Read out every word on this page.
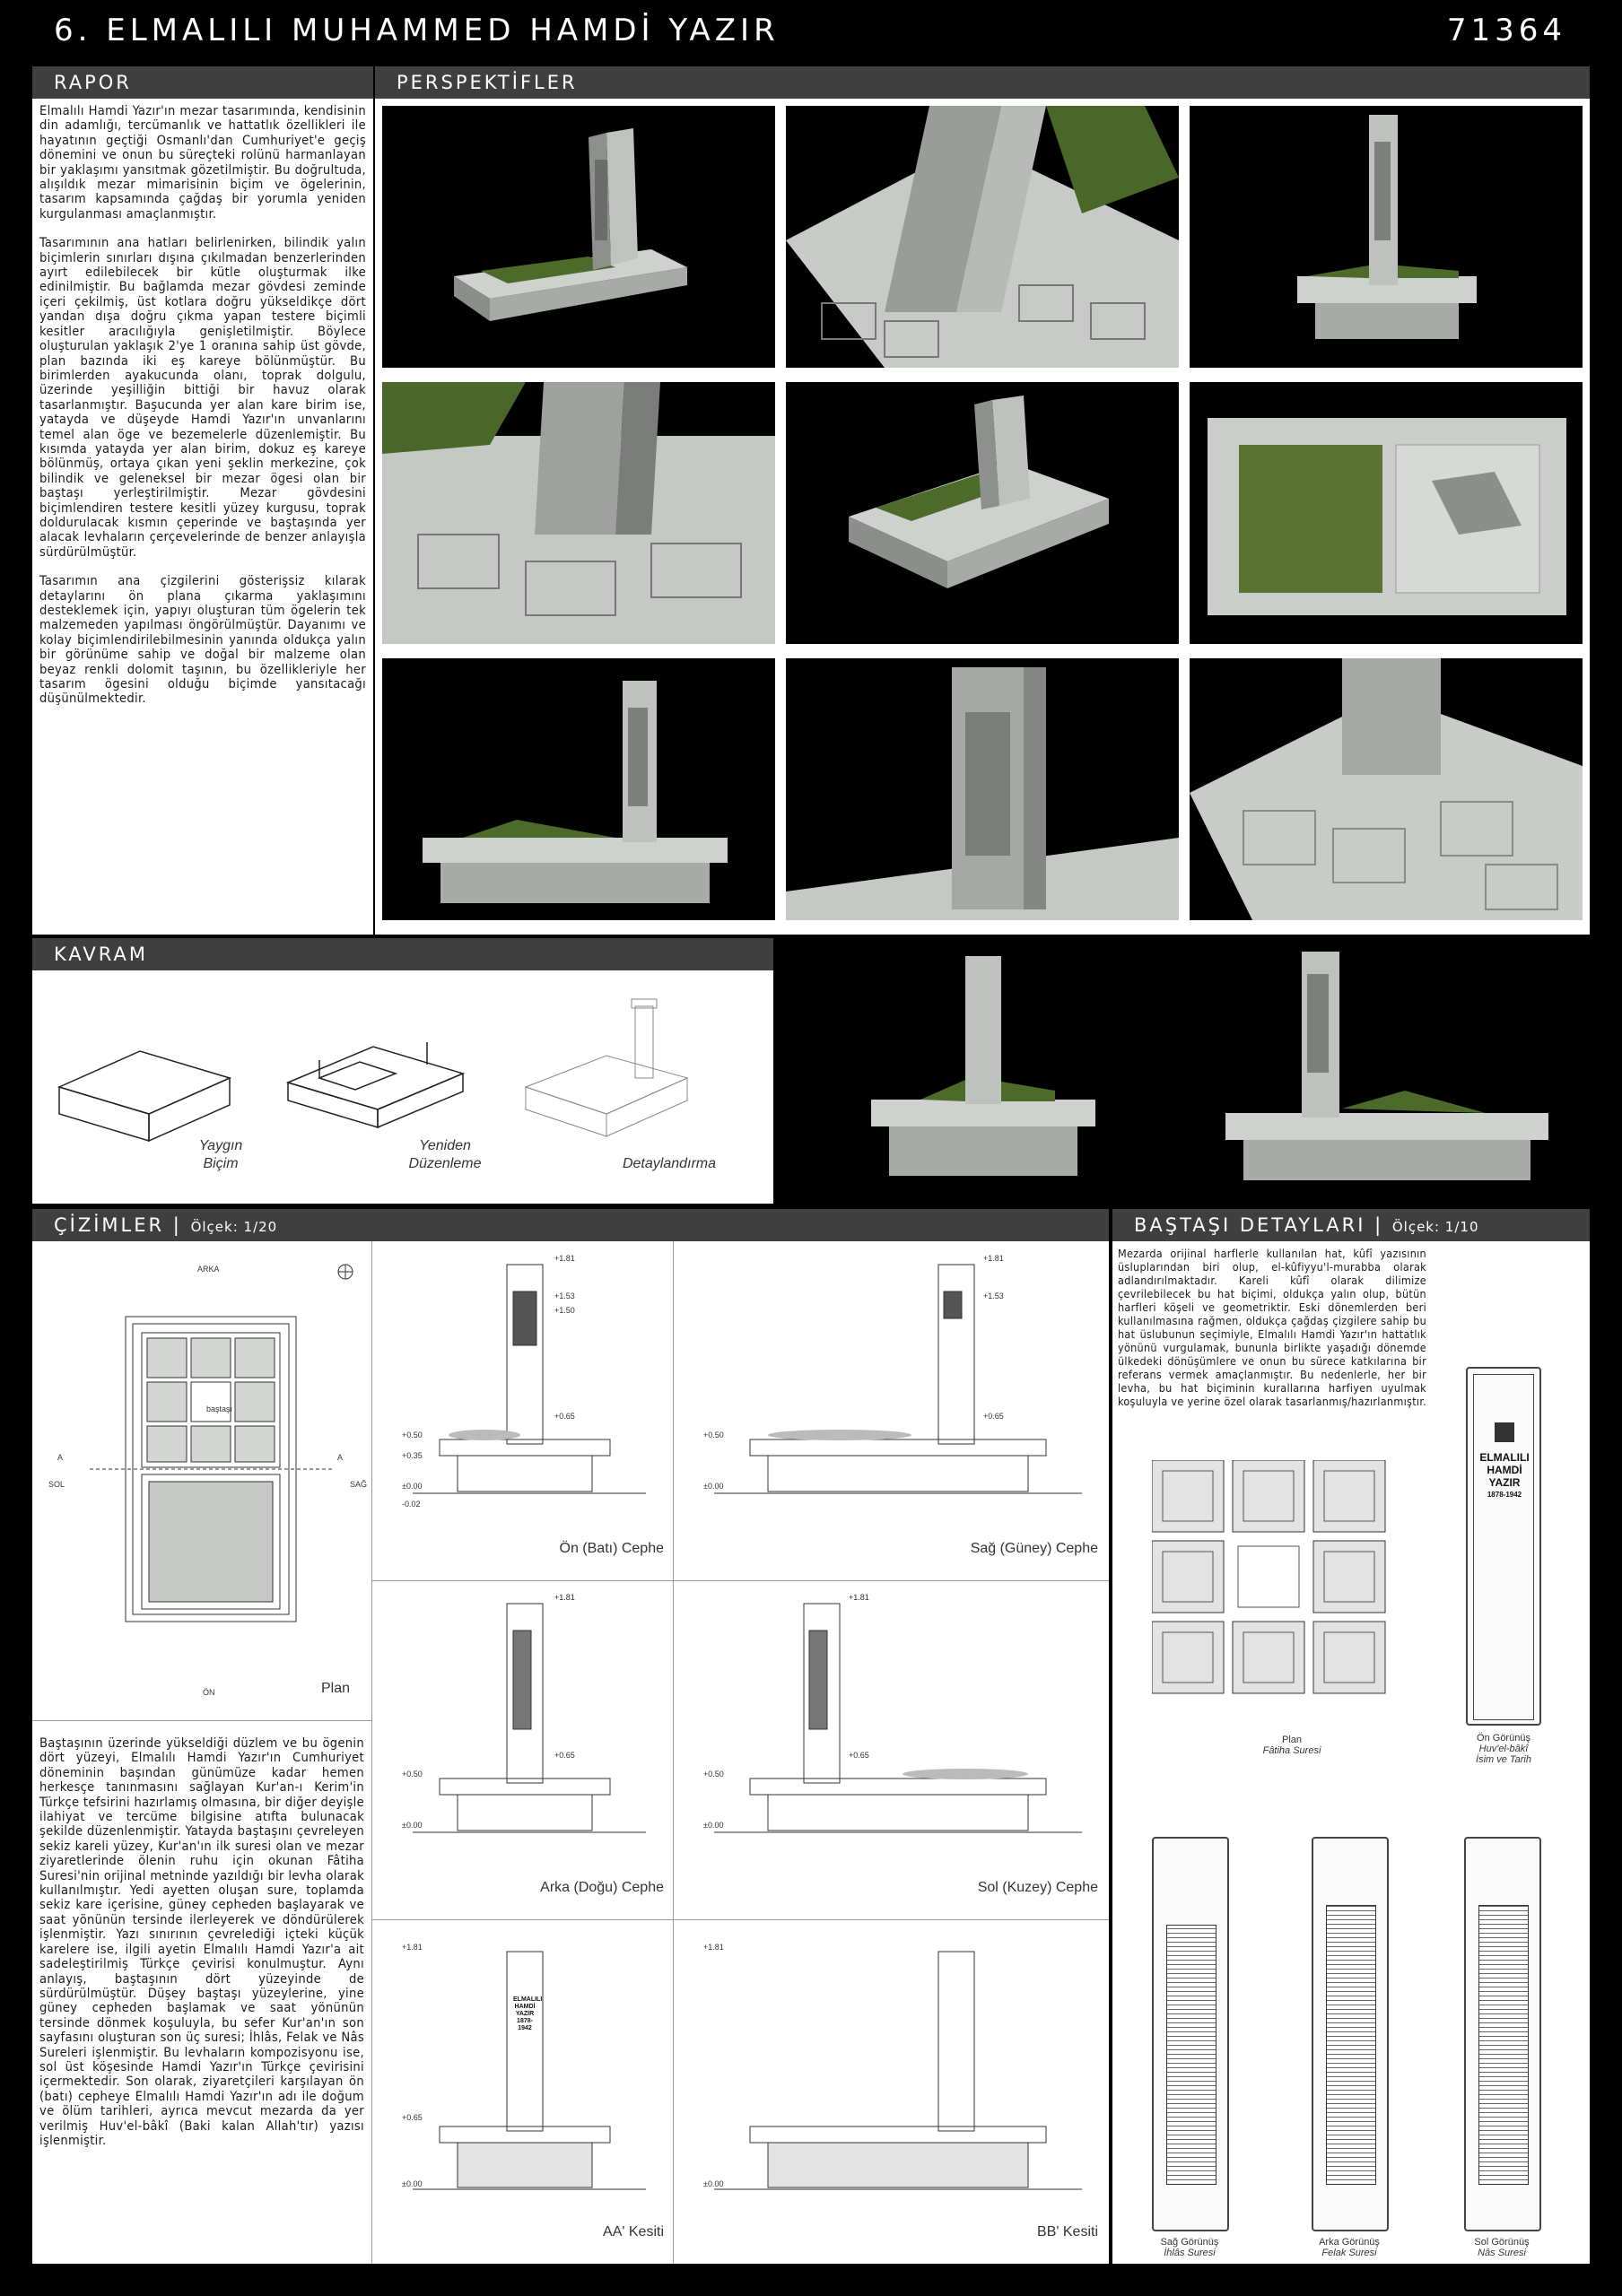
6. ELMALILI MUHAMMED HAMDİ YAZIR	71364
RAPOR

Elmalılı Hamdi Yazır'ın mezar tasarımında, kendisinin din adamlığı, tercümanlık ve hattatlık özellikleri ile hayatının geçtiği Osmanlı'dan Cumhuriyet'e geçiş dönemini ve onun bu süreçteki rolünü harmanlayan bir yaklaşımı yansıtmak gözetilmiştir. Bu doğrultuda, alışıldık mezar mimarisinin biçim ve ögelerinin, tasarım kapsamında çağdaş bir yorumla yeniden kurgulanması amaçlanmıştır.

Tasarımının ana hatları belirlenirken, bilindik yalın biçimlerin sınırları dışına çıkılmadan benzerlerinden ayırt edilebilecek bir kütle oluşturmak ilke edinilmiştir. Bu bağlamda mezar gövdesi zeminde içeri çekilmiş, üst kotlara doğru yükseldikçe dört yandan dışa doğru çıkma yapan testere biçimli kesitler aracılığıyla genişletilmiştir. Böylece oluşturulan yaklaşık 2'ye 1 oranına sahip üst gövde, plan bazında iki eş kareye bölünmüştür. Bu birimlerden ayakucunda olanı, toprak dolgulu, üzerinde yeşilliğin bittiği bir havuz olarak tasarlanmıştır. Başucunda yer alan kare birim ise, yatayda ve düşeyde Hamdi Yazır'ın unvanlarını temel alan öge ve bezemelerle düzenlemiştir. Bu kısımda yatayda yer alan birim, dokuz eş kareye bölünmüş, ortaya çıkan yeni şeklin merkezine, çok bilindik ve geleneksel bir mezar ögesi olan bir baştaşı yerleştirilmiştir. Mezar gövdesini biçimlendiren testere kesitli yüzey kurgusu, toprak doldurulacak kısmın çeperinde ve baştaşında yer alacak levhaların çerçevelerinde de benzer anlayışla sürdürülmüştür.

Tasarımın ana çizgilerini gösterişsiz kılarak detaylarını ön plana çıkarma yaklaşımını desteklemek için, yapıyı oluşturan tüm ögelerin tek malzemeden yapılması öngörülmüştür. Dayanımı ve kolay biçimlendirilebilmesinin yanında oldukça yalın bir görünüme sahip ve doğal bir malzeme olan beyaz renkli dolomit taşının, bu özellikleriyle her tasarım ögesini olduğu biçimde yansıtacağı düşünülmektedir.

PERSPEKTİFLER
KAVRAM
Yaygın
Biçim
Yeniden
Düzenleme	Detaylandırma
ÇİZİMLER | Ölçek: 1/20
ARKA
ÖN
SOL	SAĞ
baştaşı
A	A
Plan
Baştaşının üzerinde yükseldiği düzlem ve bu ögenin dört yüzeyi, Elmalılı Hamdi Yazır'ın Cumhuriyet döneminin başından günümüze kadar hemen herkesçe tanınmasını sağlayan Kur'an-ı Kerim'in Türkçe tefsirini hazırlamış olmasına, bir diğer deyişle ilahiyat ve tercüme bilgisine atıfta bulunacak şekilde düzenlenmiştir. Yatayda baştaşını çevreleyen sekiz kareli yüzey, Kur'an'ın ilk suresi olan ve mezar ziyaretlerinde ölenin ruhu için okunan Fâtiha Suresi'nin orijinal metninde yazıldığı bir levha olarak kullanılmıştır. Yedi ayetten oluşan sure, toplamda sekiz kare içerisine, güney cepheden başlayarak ve saat yönünün tersinde ilerleyerek ve döndürülerek işlenmiştir. Yazı sınırının çevrelediği içteki küçük karelere ise, ilgili ayetin Elmalılı Hamdi Yazır'a ait sadeleştirilmiş Türkçe çevirisi konulmuştur. Aynı anlayış, baştaşının dört yüzeyinde de sürdürülmüştür. Düşey baştaşı yüzeylerine, yine güney cepheden başlamak ve saat yönünün tersinde dönmek koşuluyla, bu sefer Kur'an'ın son sayfasını oluşturan son üç suresi; İhlâs, Felak ve Nâs Sureleri işlenmiştir. Bu levhaların kompozisyonu ise, sol üst köşesinde Hamdi Yazır'ın Türkçe çevirisini içermektedir. Son olarak, ziyaretçileri karşılayan ön (batı) cepheye Elmalılı Hamdi Yazır'ın adı ile doğum ve ölüm tarihleri, ayrıca mevcut mezarda da yer verilmiş Huv'el-bâkî (Baki kalan Allah'tır) yazısı işlenmiştir.
+1.81
+1.53
+1.50
+0.65
+0.50
+0.35
±0.00
-0.02
Ön (Batı) Cephe
+1.81
+1.53
+0.65
+0.50
±0.00
Sağ (Güney) Cephe
+1.81
+0.65
+0.50
±0.00
Arka (Doğu) Cephe
+1.81
+0.65
+0.50
±0.00
Sol (Kuzey) Cephe
ELMALILI
HAMDİ
YAZIR
1878-1942
+1.81
+0.65
±0.00
AA' Kesiti
+1.81
±0.00
BB' Kesiti
BAŞTAŞI DETAYLARI | Ölçek: 1/10
Mezarda orijinal harflerle kullanılan hat, kûfî yazısının üsluplarından biri olup, el-kûfiyyu'l-murabba olarak adlandırılmaktadır. Kareli kûfî olarak dilimize çevrilebilecek bu hat biçimi, oldukça yalın olup, bütün harfleri köşeli ve geometriktir. Eski dönemlerden beri kullanılmasına rağmen, oldukça çağdaş çizgilere sahip bu hat üslubunun seçimiyle, Elmalılı Hamdi Yazır'ın hattatlık yönünü vurgulamak, bununla birlikte yaşadığı dönemde ülkedeki dönüşümlere ve onun bu sürece katkılarına bir referans vermek amaçlanmıştır. Bu nedenlerle, her bir levha, bu hat biçiminin kurallarına harfiyen uyulmak koşuluyla ve yerine özel olarak tasarlanmış/hazırlanmıştır.
Plan
Fâtiha Suresi
ELMALILI
HAMDİ
YAZIR
1878-1942
Ön Görünüş
Huv'el-bâkî
İsim ve Tarih
Sağ Görünüş
İhlâs Suresi
Arka Görünüş
Felak Suresi
Sol Görünüş
Nâs Suresi
